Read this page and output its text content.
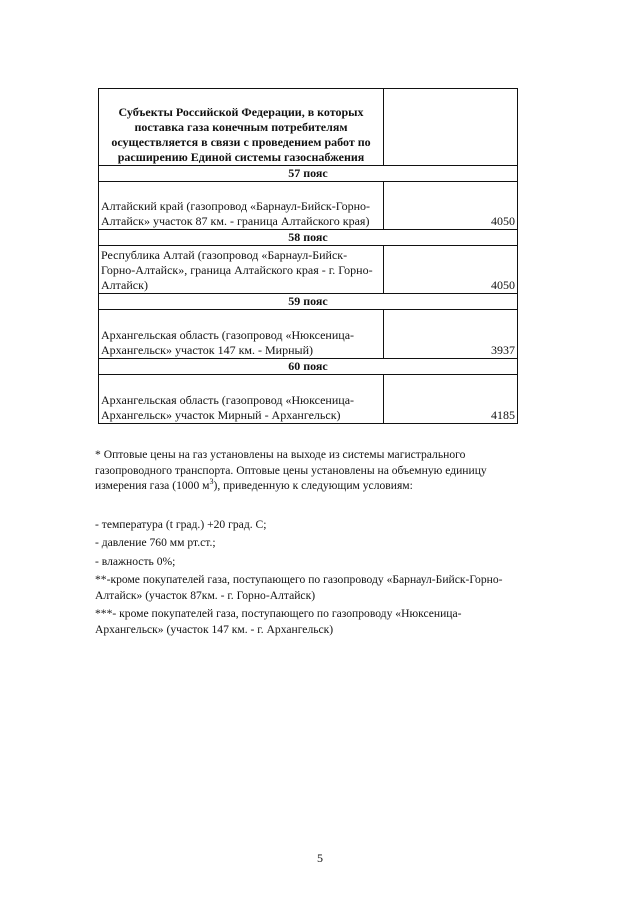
Субъекты Российской Федерации, в которых поставка газа конечным потребителям осуществляется в связи с проведением работ по расширению Единой системы газоснабжения	
57 пояс	
Алтайский край (газопровод «Барнаул-Бийск-Горно-Алтайск» участок 87 км. - граница Алтайского края)	4050
58 пояс	
Республика Алтай (газопровод «Барнаул-Бийск-Горно-Алтайск», граница Алтайского края - г. Горно-Алтайск)	4050
59 пояс	
Архангельская область (газопровод «Нюксеница-Архангельск» участок 147 км. - Мирный)	3937
60 пояс	
Архангельская область (газопровод «Нюксеница-Архангельск» участок Мирный - Архангельск)	4185

* Оптовые цены на газ установлены на выходе из системы магистрального газопроводного транспорта. Оптовые цены установлены на объемную единицу измерения газа (1000 $м^3$), приведенную к следующим условиям:

- температура (t град.) +20 град. С;

- давление 760 мм рт.ст.;

- влажность 0%;

**-кроме покупателей газа, поступающего по газопроводу «Барнаул-Бийск-Горно-Алтайск» (участок 87км. - г. Горно-Алтайск)

***- кроме покупателей газа, поступающего по газопроводу «Нюксеница-Архангельск» (участок 147 км. - г. Архангельск)

5
